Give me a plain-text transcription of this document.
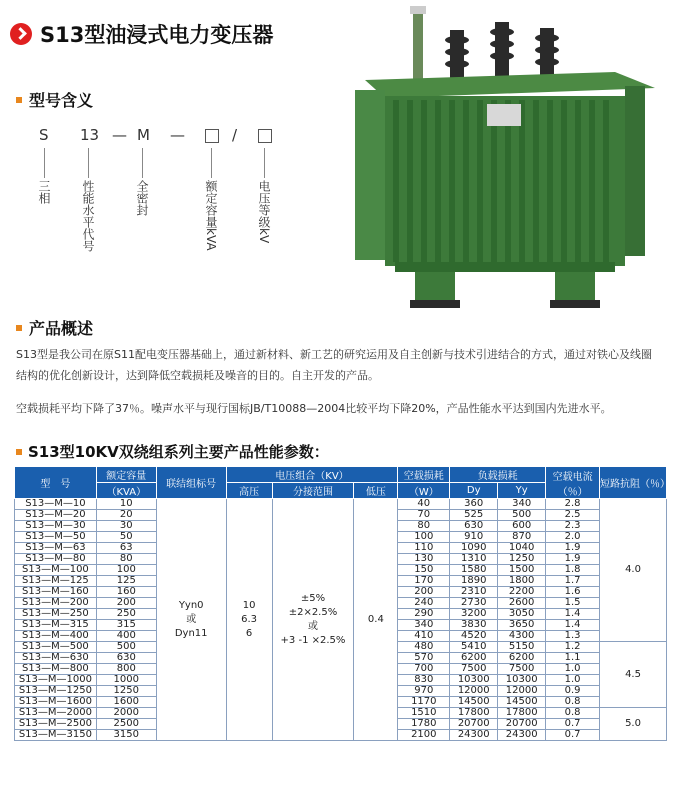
S13型油浸式电力变压器
型号含义
S 13 — M —	/
三相	性能水平代号	全密封	额定容量kVA	电压等级kV
产品概述
S13型是我公司在原S11配电变压器基础上，通过新材料、新工艺的研究运用及自主创新与技术引进结合的方式，通过对铁心及线圈结构的优化创新设计，达到降低空载损耗及噪音的目的。自主开发的产品。
空载损耗平均下降了37％。噪声水平与现行国标JB/T10088—2004比较平均下降20%，产品性能水平达到国内先进水平。
S13型10KV双绕组系列主要产品性能参数：
型　号	额定容量	联结组标号	电压组合（KV）			空载损耗	负载损耗		空载电流（％）	短路抗阻（％）
	（KVA）		高压	分接范围	低压	（W）	Dy	Yy		
S13—M—10	10	Yyn0
或
Dyn11	10
6.3
6	±5%
±2×2.5%
或
+3 -1 ×2.5%	0.4	40	360	340	2.8	4.0
S13—M—20	20					70	525	500	2.5	
S13—M—30	30					80	630	600	2.3	
S13—M—50	50					100	910	870	2.0	
S13—M—63	63					110	1090	1040	1.9	
S13—M—80	80					130	1310	1250	1.9	
S13—M—100	100					150	1580	1500	1.8	
S13—M—125	125					170	1890	1800	1.7	
S13—M—160	160					200	2310	2200	1.6	
S13—M—200	200					240	2730	2600	1.5	
S13—M—250	250					290	3200	3050	1.4	
S13—M—315	315					340	3830	3650	1.4	
S13—M—400	400					410	4520	4300	1.3	
S13—M—500	500					480	5410	5150	1.2	4.5
S13—M—630	630					570	6200	6200	1.1	
S13—M—800	800					700	7500	7500	1.0	
S13—M—1000	1000					830	10300	10300	1.0	
S13—M—1250	1250					970	12000	12000	0.9	
S13—M—1600	1600					1170	14500	14500	0.8	
S13—M—2000	2000					1510	17800	17800	0.8	5.0
S13—M—2500	2500					1780	20700	20700	0.7	
S13—M—3150	3150					2100	24300	24300	0.7	
